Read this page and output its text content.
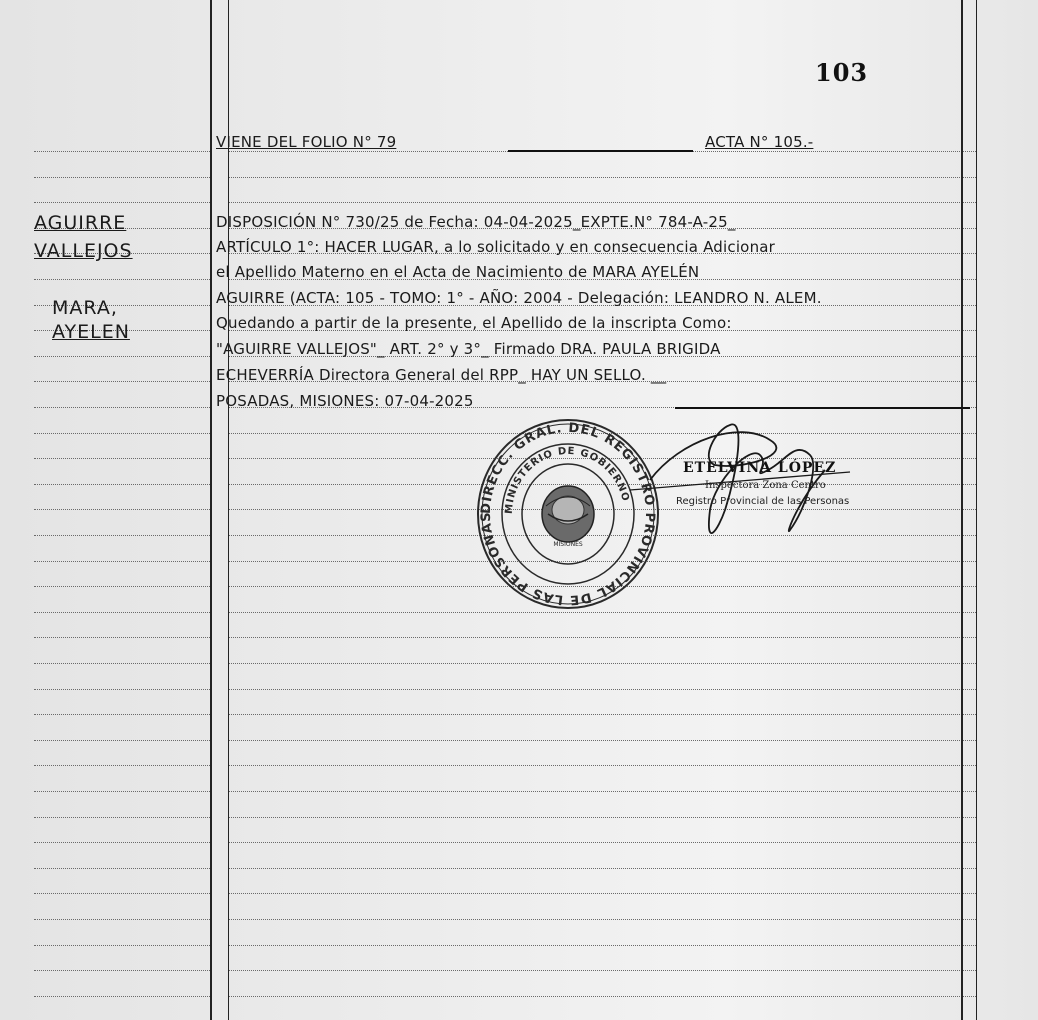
103
VIENE DEL FOLIO N° 79	ACTA N° 105.-
AGUIRRE
VALLEJOS
MARA,
AYELEN
DISPOSICIÓN N° 730/25 de Fecha: 04-04-2025_EXPTE.N° 784-A-25_
ARTÍCULO 1°: HACER LUGAR, a lo solicitado y en consecuencia Adicionar
el Apellido Materno en el Acta de Nacimiento de MARA AYELÉN
AGUIRRE (ACTA: 105 - TOMO: 1° - AÑO: 2004 - Delegación: LEANDRO N. ALEM.
Quedando a partir de la presente, el Apellido de la inscripta Como:
"AGUIRRE VALLEJOS"_ ART. 2° y 3°_ Firmado DRA. PAULA BRIGIDA
ECHEVERRÍA Directora General del RPP_ HAY UN SELLO. __
POSADAS, MISIONES: 07-04-2025
DIRECC. GRAL. DEL REGISTRO PROVINCIAL DE LAS PERSONAS
MINISTERIO DE GOBIERNO
MISIONES
ETELVINA LÓPEZ
Inspectora Zona Centro
Registro Provincial de las Personas
